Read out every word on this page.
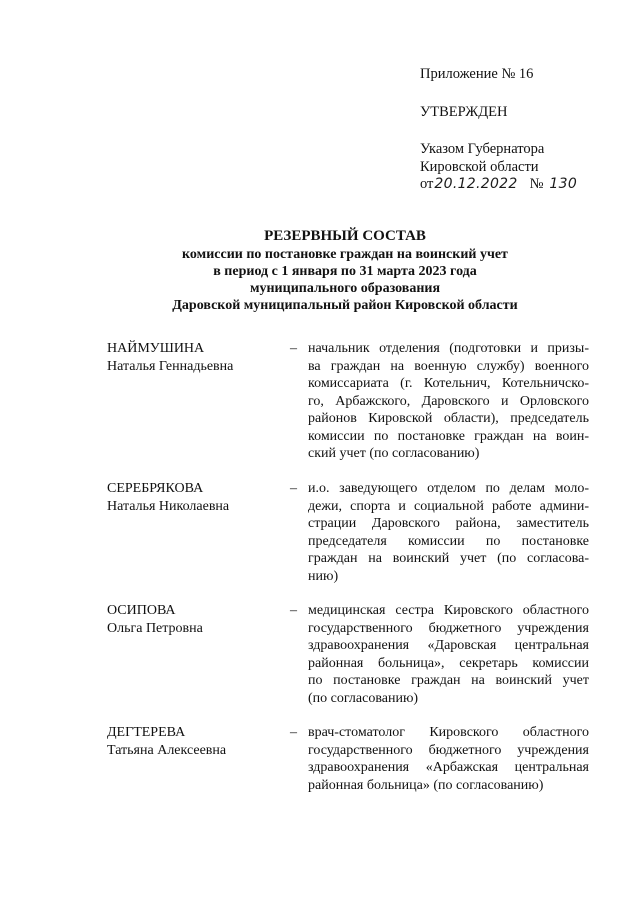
Приложение № 16
УТВЕРЖДЕН
Указом Губернатора
Кировской области
от20.12.2022 № 130
РЕЗЕРВНЫЙ СОСТАВ
комиссии по постановке граждан на воинский учет
в период с 1 января по 31 марта 2023 года
муниципального образования
Даровской муниципальный район Кировской области
НАЙМУШИНА
Наталья Геннадьевна
– начальник отделения (подготовки и призы-
ва граждан на военную службу) военного
комиссариата (г. Котельнич, Котельничско-
го, Арбажского, Даровского и Орловского
районов Кировской области), председатель
комиссии по постановке граждан на воин-
ский учет (по согласованию)
СЕРЕБРЯКОВА
Наталья Николаевна
– и.о. заведующего отделом по делам моло-
дежи, спорта и социальной работе админи-
страции Даровского района, заместитель
председателя комиссии по постановке
граждан на воинский учет (по согласова-
нию)
ОСИПОВА
Ольга Петровна
– медицинская сестра Кировского областного
государственного бюджетного учреждения
здравоохранения «Даровская центральная
районная больница», секретарь комиссии
по постановке граждан на воинский учет
(по согласованию)
ДЕГТЕРЕВА
Татьяна Алексеевна
– врач-стоматолог Кировского областного
государственного бюджетного учреждения
здравоохранения «Арбажская центральная
районная больница» (по согласованию)
